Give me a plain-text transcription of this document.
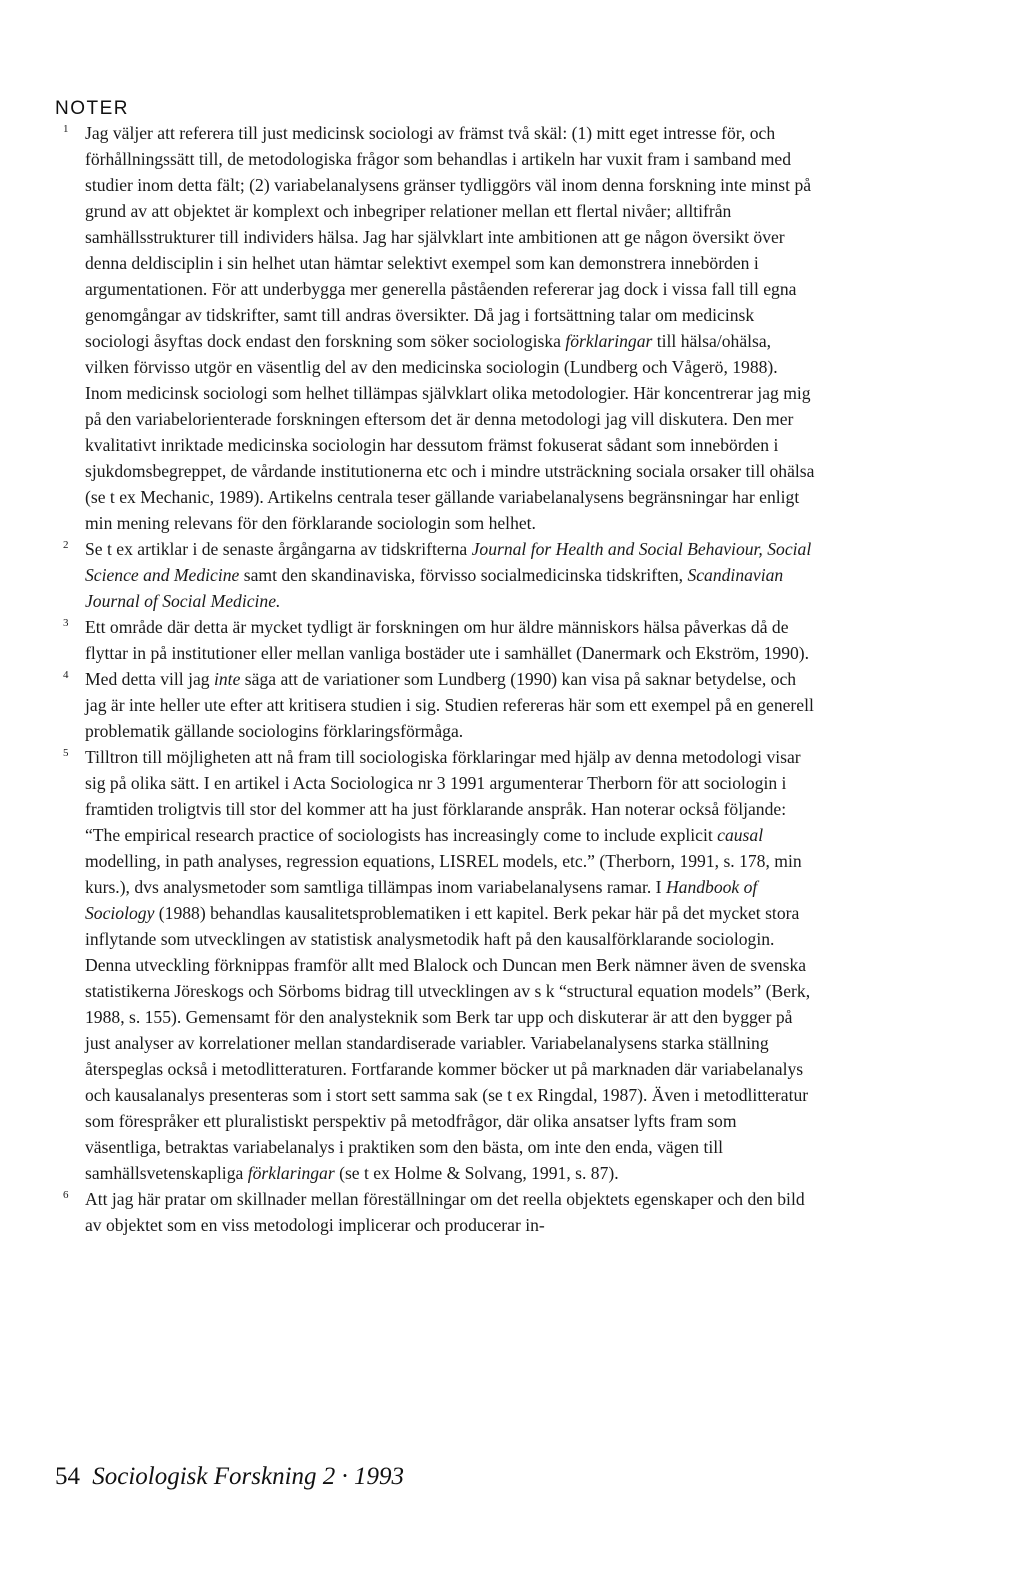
NOTER

1 Jag väljer att referera till just medicinsk sociologi av främst två skäl: (1) mitt eget intresse för, och förhållningssätt till, de metodologiska frågor som behandlas i artikeln har vuxit fram i samband med studier inom detta fält; (2) variabelanalysens gränser tydliggörs väl inom denna forskning inte minst på grund av att objektet är komplext och inbegriper relationer mellan ett flertal nivåer; alltifrån samhällsstrukturer till individers hälsa. Jag har självklart inte ambitionen att ge någon översikt över denna deldisciplin i sin helhet utan hämtar selektivt exempel som kan demonstrera innebörden i argumentationen. För att underbygga mer generella påståenden refererar jag dock i vissa fall till egna genomgångar av tidskrifter, samt till andras översikter. Då jag i fortsättning talar om medicinsk sociologi åsyftas dock endast den forskning som söker sociologiska förklaringar till hälsa/ohälsa, vilken förvisso utgör en väsentlig del av den medicinska sociologin (Lundberg och Vågerö, 1988). Inom medicinsk sociologi som helhet tillämpas självklart olika metodologier. Här koncentrerar jag mig på den variabelorienterade forskningen eftersom det är denna metodologi jag vill diskutera. Den mer kvalitativt inriktade medicinska sociologin har dessutom främst fokuserat sådant som innebörden i sjukdomsbegreppet, de vårdande institutionerna etc och i mindre utsträckning sociala orsaker till ohälsa (se t ex Mechanic, 1989). Artikelns centrala teser gällande variabelanalysens begränsningar har enligt min mening relevans för den förklarande sociologin som helhet.

2 Se t ex artiklar i de senaste årgångarna av tidskrifterna Journal for Health and Social Behaviour, Social Science and Medicine samt den skandinaviska, förvisso socialmedicinska tidskriften, Scandinavian Journal of Social Medicine.

3 Ett område där detta är mycket tydligt är forskningen om hur äldre människors hälsa påverkas då de flyttar in på institutioner eller mellan vanliga bostäder ute i samhället (Danermark och Ekström, 1990).

4 Med detta vill jag inte säga att de variationer som Lundberg (1990) kan visa på saknar betydelse, och jag är inte heller ute efter att kritisera studien i sig. Studien refereras här som ett exempel på en generell problematik gällande sociologins förklaringsförmåga.

5 Tilltron till möjligheten att nå fram till sociologiska förklaringar med hjälp av denna metodologi visar sig på olika sätt. I en artikel i Acta Sociologica nr 3 1991 argumenterar Therborn för att sociologin i framtiden troligtvis till stor del kommer att ha just förklarande anspråk. Han noterar också följande: “The empirical research practice of sociologists has increasingly come to include explicit causal modelling, in path analyses, regression equations, LISREL models, etc.” (Therborn, 1991, s. 178, min kurs.), dvs analysmetoder som samtliga tillämpas inom variabelanalysens ramar. I Handbook of Sociology (1988) behandlas kausalitetsproblematiken i ett kapitel. Berk pekar här på det mycket stora inflytande som utvecklingen av statistisk analysmetodik haft på den kausalförklarande sociologin. Denna utveckling förknippas framför allt med Blalock och Duncan men Berk nämner även de svenska statistikerna Jöreskogs och Sörboms bidrag till utvecklingen av s k “structural equation models” (Berk, 1988, s. 155). Gemensamt för den analysteknik som Berk tar upp och diskuterar är att den bygger på just analyser av korrelationer mellan standardiserade variabler. Variabelanalysens starka ställning återspeglas också i metodlitteraturen. Fortfarande kommer böcker ut på marknaden där variabelanalys och kausalanalys presenteras som i stort sett samma sak (se t ex Ringdal, 1987). Även i metodlitteratur som förespråker ett pluralistiskt perspektiv på metodfrågor, där olika ansatser lyfts fram som väsentliga, betraktas variabelanalys i praktiken som den bästa, om inte den enda, vägen till samhällsvetenskapliga förklaringar (se t ex Holme & Solvang, 1991, s. 87).

6 Att jag här pratar om skillnader mellan föreställningar om det reella objektets egenskaper och den bild av objektet som en viss metodologi implicerar och producerar in-

54 Sociologisk Forskning 2 · 1993
